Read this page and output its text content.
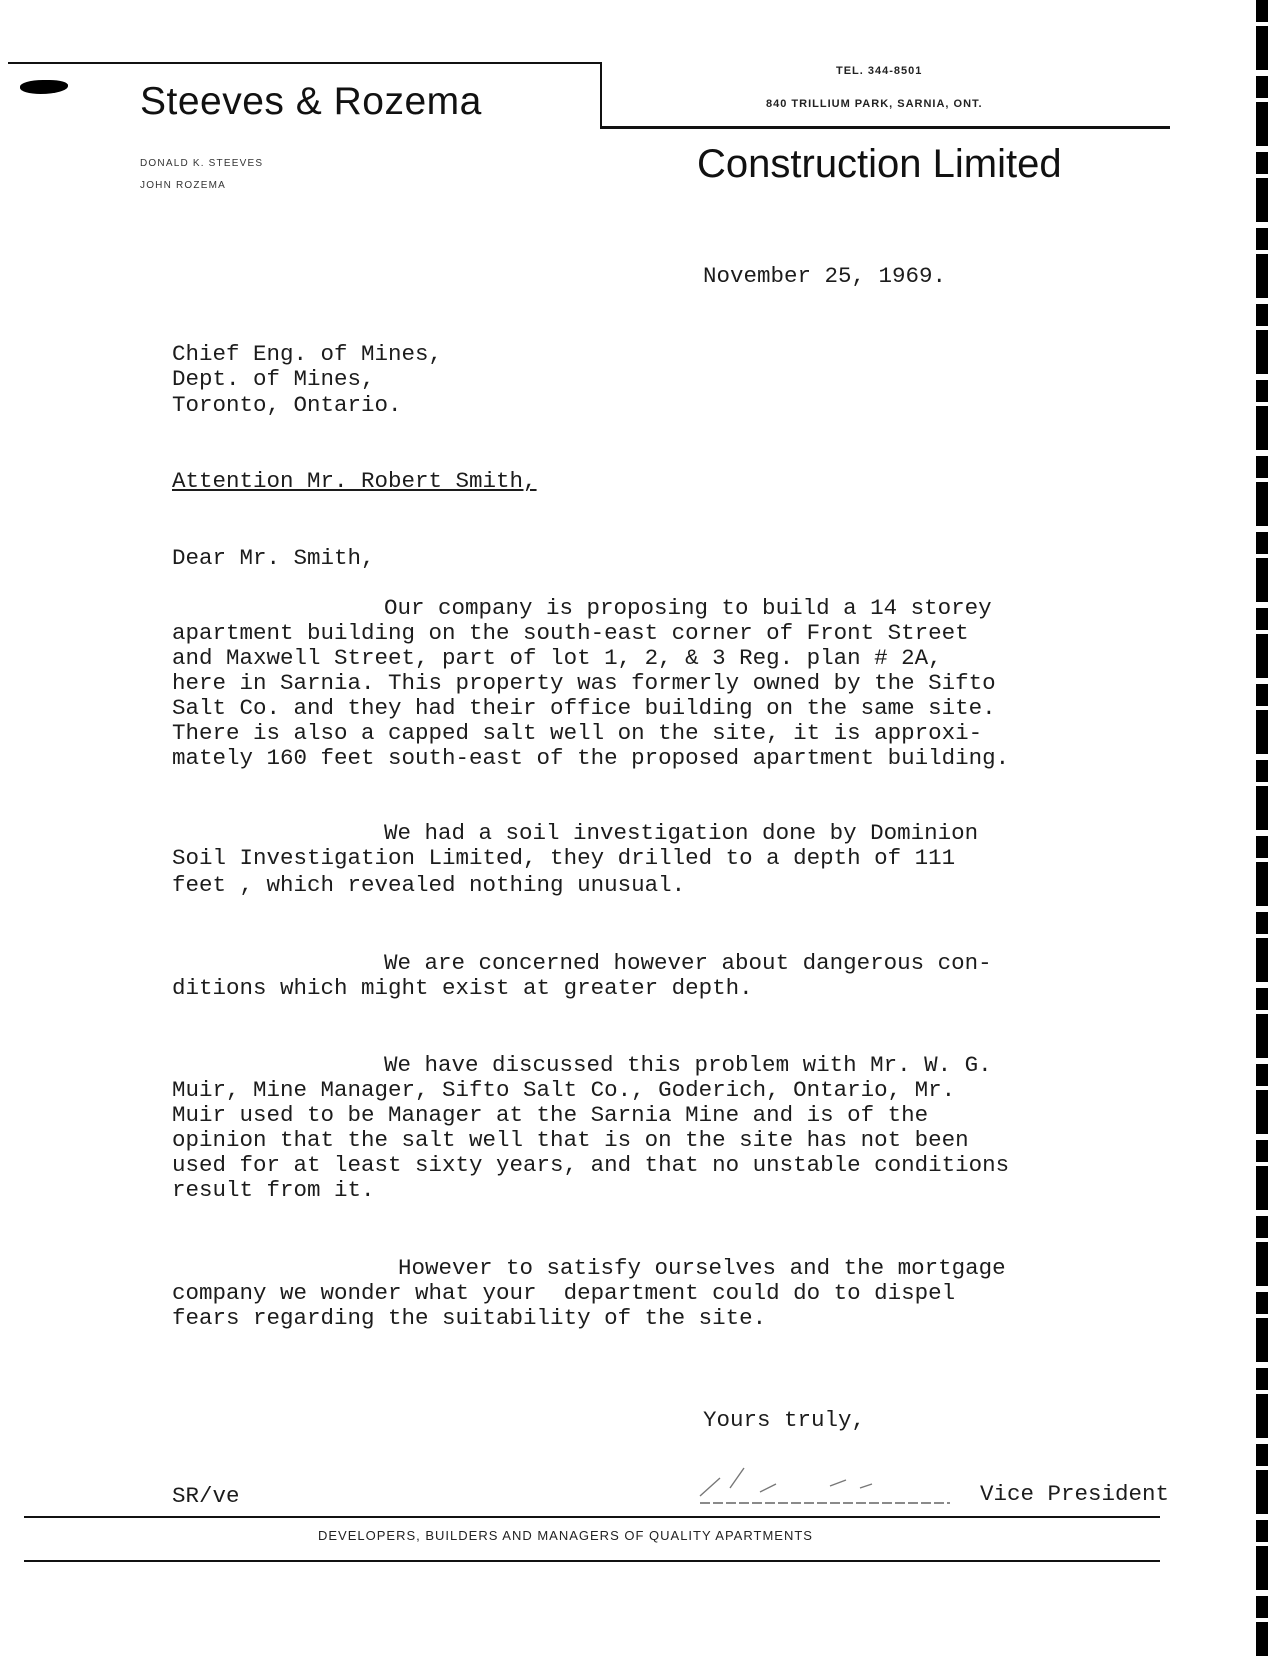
Steeves & Rozema
DONALD K. STEEVES
JOHN ROZEMA
TEL. 344-8501
840 TRILLIUM PARK, SARNIA, ONT.
Construction Limited
November 25, 1969.
Chief Eng. of Mines,
Dept. of Mines,
Toronto, Ontario.
Attention Mr. Robert Smith,
Dear Mr. Smith,
Our company is proposing to build a 14 storey
apartment building on the south-east corner of Front Street
and Maxwell Street, part of lot 1, 2, & 3 Reg. plan # 2A,
here in Sarnia. This property was formerly owned by the Sifto
Salt Co. and they had their office building on the same site.
There is also a capped salt well on the site, it is approxi-
mately 160 feet south-east of the proposed apartment building.
We had a soil investigation done by Dominion
Soil Investigation Limited, they drilled to a depth of 111
feet , which revealed nothing unusual.
We are concerned however about dangerous con-
ditions which might exist at greater depth.
We have discussed this problem with Mr. W. G.
Muir, Mine Manager, Sifto Salt Co., Goderich, Ontario, Mr.
Muir used to be Manager at the Sarnia Mine and is of the
opinion that the salt well that is on the site has not been
used for at least sixty years, and that no unstable conditions
result from it.
However to satisfy ourselves and the mortgage
company we wonder what your  department could do to dispel
fears regarding the suitability of the site.
Yours truly,
Vice President
SR/ve
DEVELOPERS, BUILDERS AND MANAGERS OF QUALITY APARTMENTS
